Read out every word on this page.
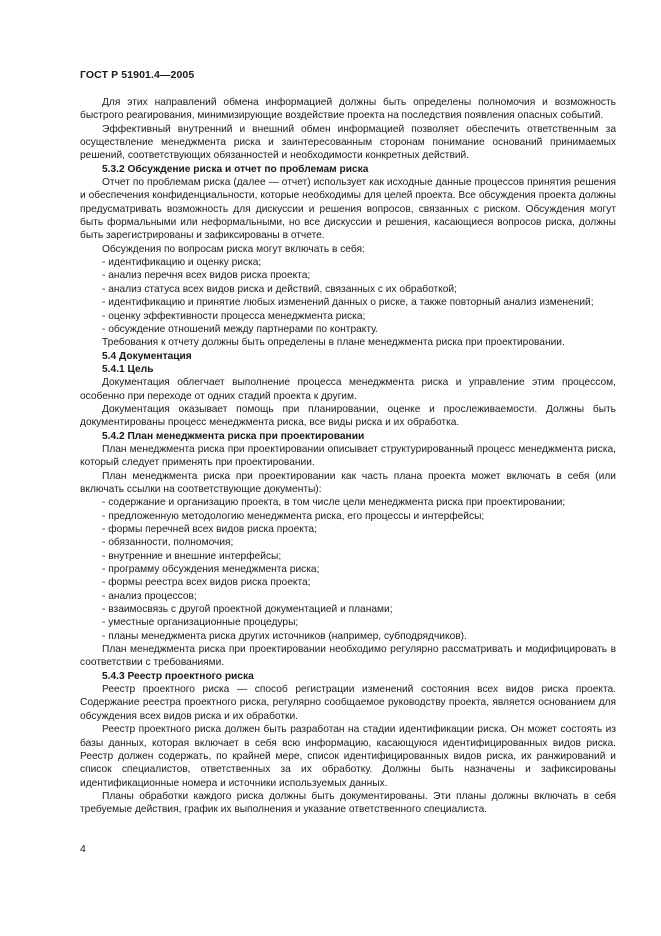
ГОСТ Р 51901.4—2005

Для этих направлений обмена информацией должны быть определены полномочия и возможность быстрого реагирования, минимизирующие воздействие проекта на последствия появления опасных событий.

Эффективный внутренний и внешний обмен информацией позволяет обеспечить ответственным за осуществление менеджмента риска и заинтересованным сторонам понимание оснований принимаемых решений, соответствующих обязанностей и необходимости конкретных действий.

5.3.2 Обсуждение риска и отчет по проблемам риска

Отчет по проблемам риска (далее — отчет) использует как исходные данные процессов принятия решения и обеспечения конфиденциальности, которые необходимы для целей проекта. Все обсуждения проекта должны предусматривать возможность для дискуссии и решения вопросов, связанных с риском. Обсуждения могут быть формальными или неформальными, но все дискуссии и решения, касающиеся вопросов риска, должны быть зарегистрированы и зафиксированы в отчете.

Обсуждения по вопросам риска могут включать в себя:

- идентификацию и оценку риска;

- анализ перечня всех видов риска проекта;

- анализ статуса всех видов риска и действий, связанных с их обработкой;

- идентификацию и принятие любых изменений данных о риске, а также повторный анализ изменений;

- оценку эффективности процесса менеджмента риска;

- обсуждение отношений между партнерами по контракту.

Требования к отчету должны быть определены в плане менеджмента риска при проектировании.

5.4 Документация

5.4.1 Цель

Документация облегчает выполнение процесса менеджмента риска и управление этим процессом, особенно при переходе от одних стадий проекта к другим.

Документация оказывает помощь при планировании, оценке и прослеживаемости. Должны быть документированы процесс менеджмента риска, все виды риска и их обработка.

5.4.2 План менеджмента риска при проектировании

План менеджмента риска при проектировании описывает структурированный процесс менеджмента риска, который следует применять при проектировании.

План менеджмента риска при проектировании как часть плана проекта может включать в себя (или включать ссылки на соответствующие документы):

- содержание и организацию проекта, в том числе цели менеджмента риска при проектировании;

- предложенную методологию менеджмента риска, его процессы и интерфейсы;

- формы перечней всех видов риска проекта;

- обязанности, полномочия;

- внутренние и внешние интерфейсы;

- программу обсуждения менеджмента риска;

- формы реестра всех видов риска проекта;

- анализ процессов;

- взаимосвязь с другой проектной документацией и планами;

- уместные организационные процедуры;

- планы менеджмента риска других источников (например, субподрядчиков).

План менеджмента риска при проектировании необходимо регулярно рассматривать и модифицировать в соответствии с требованиями.

5.4.3 Реестр проектного риска

Реестр проектного риска — способ регистрации изменений состояния всех видов риска проекта. Содержание реестра проектного риска, регулярно сообщаемое руководству проекта, является основанием для обсуждения всех видов риска и их обработки.

Реестр проектного риска должен быть разработан на стадии идентификации риска. Он может состоять из базы данных, которая включает в себя всю информацию, касающуюся идентифицированных видов риска. Реестр должен содержать, по крайней мере, список идентифицированных видов риска, их ранжирований и список специалистов, ответственных за их обработку. Должны быть назначены и зафиксированы идентификационные номера и источники используемых данных.

Планы обработки каждого риска должны быть документированы. Эти планы должны включать в себя требуемые действия, график их выполнения и указание ответственного специалиста.

4
